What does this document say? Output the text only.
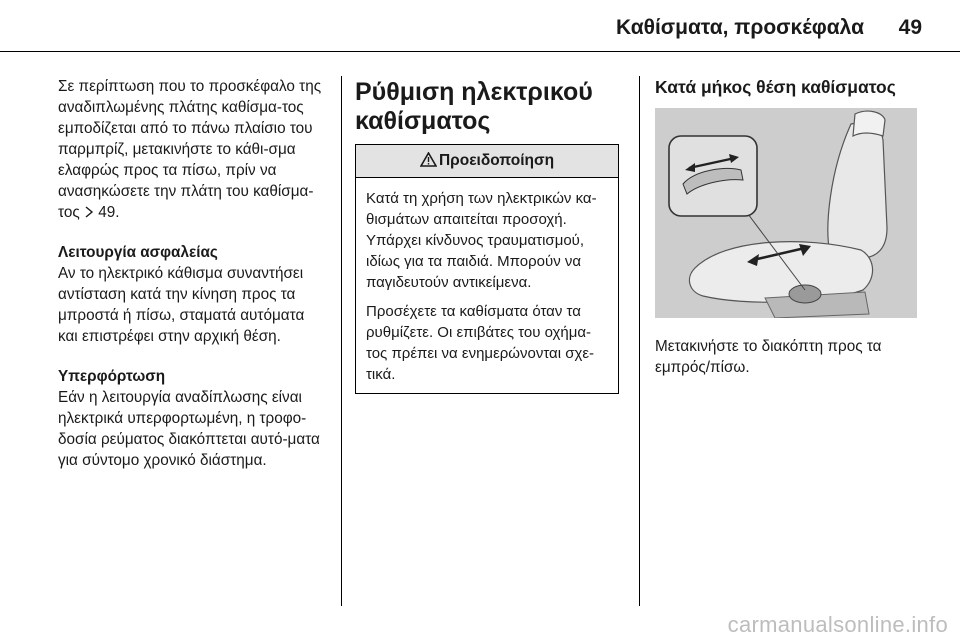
Καθίσματα, προσκέφαλα 49

Σε περίπτωση που το προσκέφαλο της αναδιπλωμένης πλάτης καθίσμα-τος εμποδίζεται από το πάνω πλαίσιο του παρμπρίζ, μετακινήστε το κάθι-σμα ελαφρώς προς τα πίσω, πρίν να ανασηκώσετε την πλάτη του καθίσμα-τος 49.

Λειτουργία ασφαλείας
Αν το ηλεκτρικό κάθισμα συναντήσει αντίσταση κατά την κίνηση προς τα μπροστά ή πίσω, σταματά αυτόματα και επιστρέφει στην αρχική θέση.

Υπερφόρτωση
Εάν η λειτουργία αναδίπλωσης είναι ηλεκτρικά υπερφορτωμένη, η τροφο-δοσία ρεύματος διακόπτεται αυτό-ματα για σύντομο χρονικό διάστημα.

Ρύθμιση ηλεκτρικού καθίσματος
Προειδοποίηση

Κατά τη χρήση των ηλεκτρικών κα-θισμάτων απαιτείται προσοχή. Υπάρχει κίνδυνος τραυματισμού, ιδίως για τα παιδιά. Μπορούν να παγιδευτούν αντικείμενα.

Προσέχετε τα καθίσματα όταν τα ρυθμίζετε. Οι επιβάτες του οχήμα-τος πρέπει να ενημερώνονται σχε-τικά.

Κατά μήκος θέση καθίσματος

Μετακινήστε το διακόπτη προς τα εμπρός/πίσω.

carmanualsonline.info
